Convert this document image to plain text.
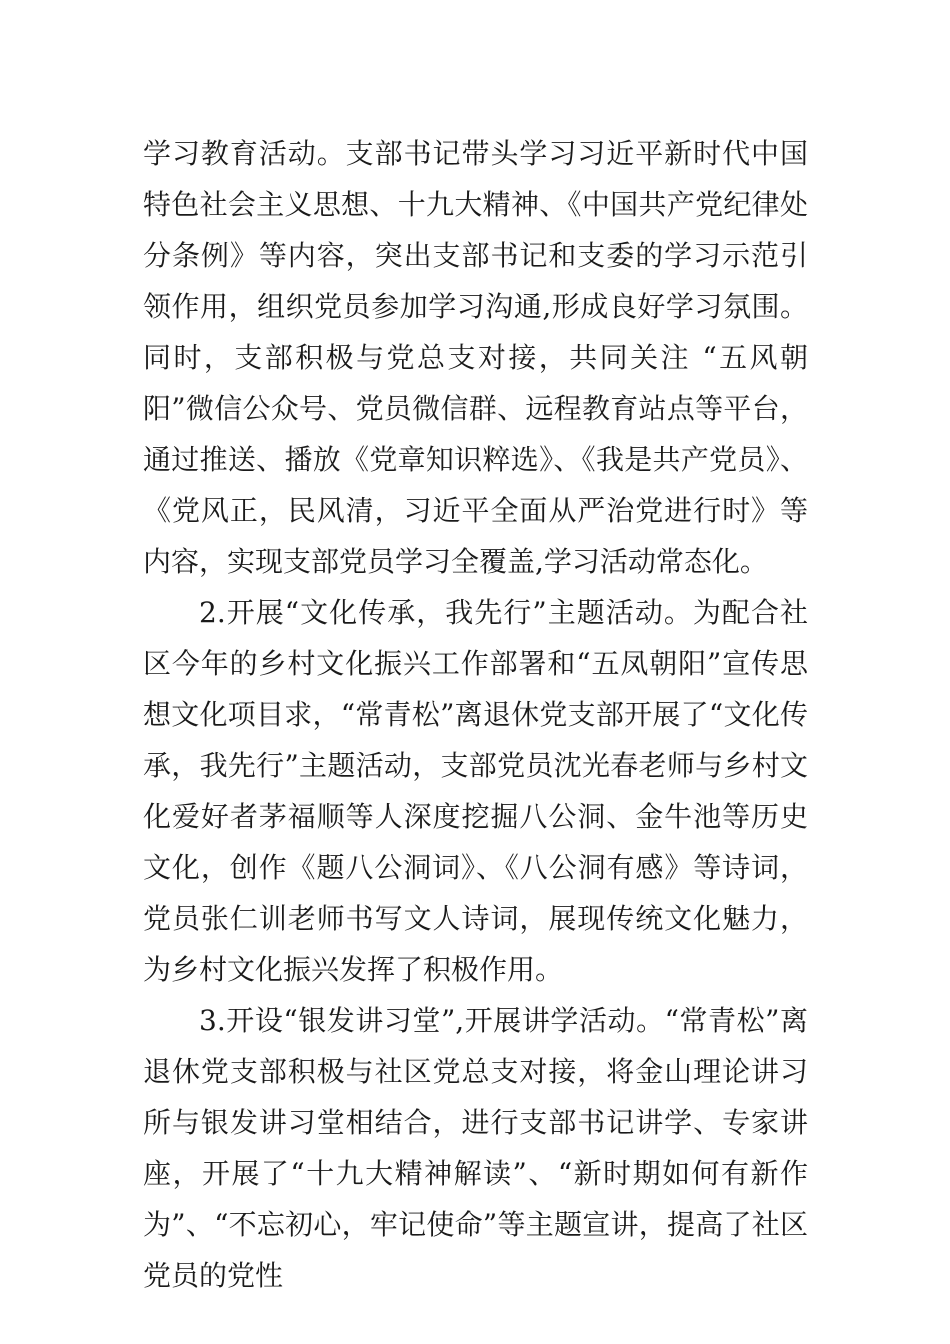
学习教育活动。支部书记带头学习习近平新时代中国特色社会主义思想、十九大精神、《中国共产党纪律处分条例》等内容，突出支部书记和支委的学习示范引领作用，组织党员参加学习沟通,形成良好学习氛围。同时，支部积极与党总支对接，共同关注 “五风朝阳”微信公众号、党员微信群、远程教育站点等平台，通过推送、播放《党章知识粹选》、《我是共产党员》、《党风正，民风清，习近平全面从严治党进行时》等内容，实现支部党员学习全覆盖,学习活动常态化。

2.开展“文化传承，我先行”主题活动。为配合社区今年的乡村文化振兴工作部署和“五凤朝阳”宣传思想文化项目求，“常青松”离退休党支部开展了“文化传承，我先行”主题活动，支部党员沈光春老师与乡村文化爱好者茅福顺等人深度挖掘八公洞、金牛池等历史文化，创作《题八公洞词》、《八公洞有感》等诗词，党员张仁训老师书写文人诗词，展现传统文化魅力，为乡村文化振兴发挥了积极作用。

3.开设“银发讲习堂”,开展讲学活动。“常青松”离退休党支部积极与社区党总支对接，将金山理论讲习所与银发讲习堂相结合，进行支部书记讲学、专家讲座，开展了“十九大精神解读”、“新时期如何有新作为”、“不忘初心，牢记使命”等主题宣讲，提高了社区党员的党性
